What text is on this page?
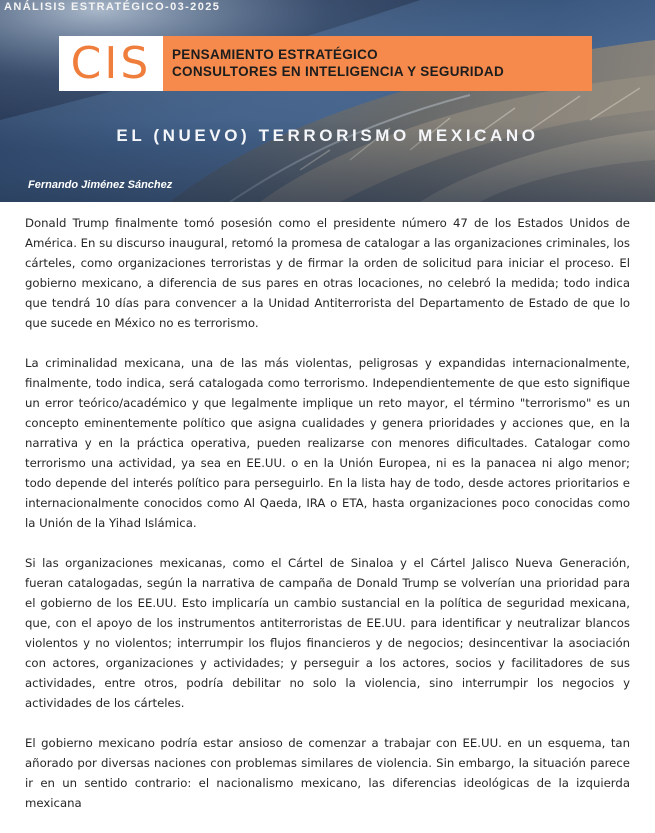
ANÁLISIS ESTRATÉGICO-03-2025
CIS PENSAMIENTO ESTRATÉGICO
CONSULTORES EN INTELIGENCIA Y SEGURIDAD
EL (NUEVO) TERRORISMO MEXICANO
Fernando Jiménez Sánchez

Donald Trump finalmente tomó posesión como el presidente número 47 de los Estados Unidos de América. En su discurso inaugural, retomó la promesa de catalogar a las organizaciones criminales, los cárteles, como organizaciones terroristas y de firmar la orden de solicitud para iniciar el proceso. El gobierno mexicano, a diferencia de sus pares en otras locaciones, no celebró la medida; todo indica que tendrá 10 días para convencer a la Unidad Antiterrorista del Departamento de Estado de que lo que sucede en México no es terrorismo.

La criminalidad mexicana, una de las más violentas, peligrosas y expandidas internacionalmente, finalmente, todo indica, será catalogada como terrorismo. Independientemente de que esto signifique un error teórico/académico y que legalmente implique un reto mayor, el término "terrorismo" es un concepto eminentemente político que asigna cualidades y genera prioridades y acciones que, en la narrativa y en la práctica operativa, pueden realizarse con menores dificultades. Catalogar como terrorismo una actividad, ya sea en EE.UU. o en la Unión Europea, ni es la panacea ni algo menor; todo depende del interés político para perseguirlo. En la lista hay de todo, desde actores prioritarios e internacionalmente conocidos como Al Qaeda, IRA o ETA, hasta organizaciones poco conocidas como la Unión de la Yihad Islámica.

Si las organizaciones mexicanas, como el Cártel de Sinaloa y el Cártel Jalisco Nueva Generación, fueran catalogadas, según la narrativa de campaña de Donald Trump se volverían una prioridad para el gobierno de los EE.UU. Esto implicaría un cambio sustancial en la política de seguridad mexicana, que, con el apoyo de los instrumentos antiterroristas de EE.UU. para identificar y neutralizar blancos violentos y no violentos; interrumpir los flujos financieros y de negocios; desincentivar la asociación con actores, organizaciones y actividades; y perseguir a los actores, socios y facilitadores de sus actividades, entre otros, podría debilitar no solo la violencia, sino interrumpir los negocios y actividades de los cárteles.

El gobierno mexicano podría estar ansioso de comenzar a trabajar con EE.UU. en un esquema, tan añorado por diversas naciones con problemas similares de violencia. Sin embargo, la situación parece ir en un sentido contrario: el nacionalismo mexicano, las diferencias ideológicas de la izquierda mexicana
